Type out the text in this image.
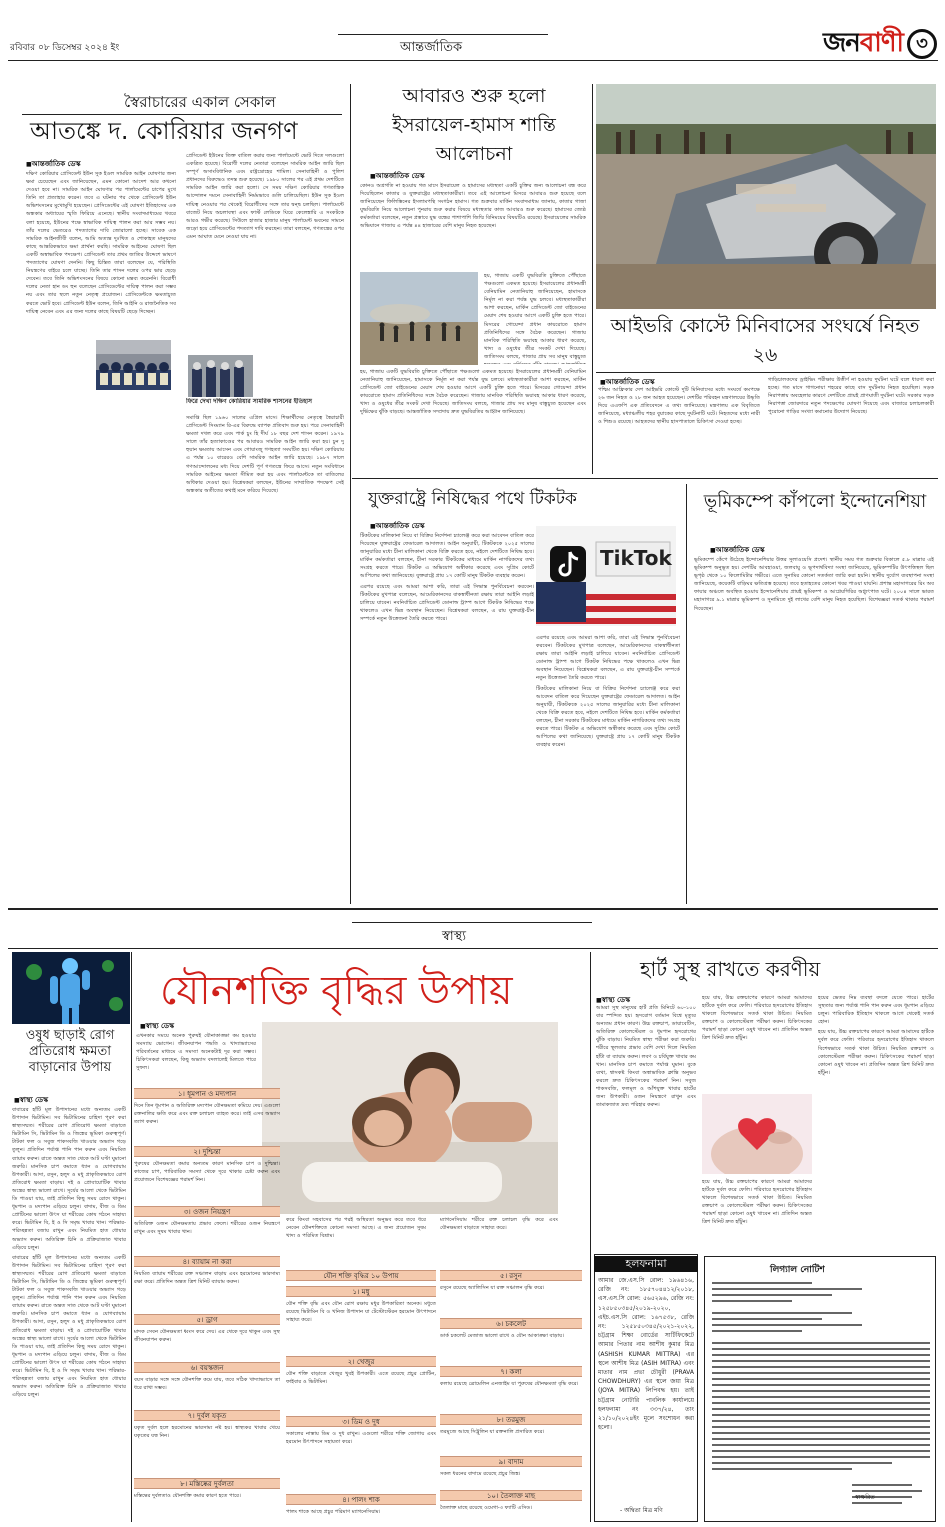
রবিবার ০৮ ডিসেম্বর ২০২৪ ইং	আন্তর্জাতিক	জন বাণী ৩
স্বৈরাচারের একাল সেকাল
আতঙ্কে দ. কোরিয়ার জনগণ
■ আন্তর্জাতিক ডেস্ক

দক্ষিণ কোরিয়ার প্রেসিডেন্ট ইউন সুক ইওল সামরিক আইন ঘোষণার জন্য ক্ষমা চেয়েছেন এবং জানিয়েছেন, এমন কোনো আদেশ আর কখনো দেওয়া হবে না। সামরিক আইন ঘোষণার পর পার্লামেন্টের চাপের মুখে তিনি তা প্রত্যাহার করেন। তবে এ ঘটনার পর থেকে প্রেসিডেন্ট ইউন অভিশংসনের মুখোমুখি হয়েছেন। প্রেসিডেন্টের এই ঘোষণা ইতিহাসের এক অন্ধকার অধ্যায়ের স্মৃতি ফিরিয়ে এনেছে। স্থানীয় সংবাদমাধ্যমের খবরে বলা হয়েছে, ইউনের পক্ষে স্বাভাবিক দায়িত্ব পালন করা আর সম্ভব নয়। তাঁর দলের ভেতরেও পদত্যাগের দাবি জোরালো হচ্ছে। সাবেক এক সামরিক আইনজীবী বলেন, আমি অত্যন্ত দুঃখিত ও শোকাহত মানুষদের কাছে আন্তরিকভাবে ক্ষমা প্রার্থনা করছি। সামরিক আইনের ঘোষণা ছিল একটি অস্বাভাবিক পদক্ষেপ। প্রেসিডেন্ট তার প্রথম জাতির উদ্দেশে ভাষণে পদত্যাগের ঘোষণা দেননি। কিছু চিন্তিত তারা বলেছেন যে, পরিস্থিতি নিয়ন্ত্রণের বাইরে চলে যাচ্ছে। তিনি তার শাসন দলের ওপর ভার ছেড়ে দেবেন। তবে তিনি অভিশংসনের বিষয়ে কোনো মন্তব্য করেননি। বিরোধী দলের নেতা হান ডং হুন বলেছেন প্রেসিডেন্টের দায়িত্ব পালন করা সম্ভব নয় এবং তার স্থলে নতুন নেতৃত্ব প্রয়োজন। প্রেসিডেন্টকে ক্ষমতাচ্যুত করতে ভোট হবে। প্রেসিডেন্ট ইউন বলেন, তিনি আইনি ও রাজনৈতিক সব দায়িত্ব নেবেন এবং এর জন্য দলের কাছে বিষয়টি ছেড়ে দিচ্ছেন।

প্রেসিডেন্ট ইউনের তিক্ত বাতিল করার জন্য পার্লামেন্টে ভোট দিতে দলগুলো একত্রিত হয়েছে। বিরোধী দলের নেতারা বলেছেন সামরিক আইন জারি ছিল সম্পূর্ণ অসাংবিধানিক এবং রাষ্ট্রদ্রোহের শামিল। সেনাবাহিনী ও পুলিশ প্রধানদের বিরুদ্ধেও তদন্ত শুরু হয়েছে। ১৯৮০ সালের পর এই প্রথম দেশটিতে সামরিক আইন জারি করা হলো। সে সময় দক্ষিণ কোরিয়ার গণতান্ত্রিক আন্দোলন দমনে সেনাবাহিনী নির্মমভাবে গুলি চালিয়েছিল। ইউন সুক ইওল দায়িত্ব নেওয়ার পর থেকেই বিরোধীদের সঙ্গে তার দ্বন্দ্ব চলছিল। পার্লামেন্টে বাজেট নিয়ে অচলাবস্থা এবং ফার্স্ট লেডিকে ঘিরে কেলেঙ্কারি এ সংকটকে আরও গভীর করেছে। সিউলে হাজার হাজার মানুষ পার্লামেন্ট ভবনের সামনে জড়ো হয়ে প্রেসিডেন্টের পদত্যাগ দাবি করছেন। তারা বলছেন, গণতন্ত্রের ওপর এমন আঘাত মেনে নেওয়া যায় না।

ফিরে দেখা দক্ষিণ কোরিয়ার সামরিক শাসনের ইতিহাস

সমাপ্তি ছিল ১৯৬০ সালের এপ্রিল মাসে। শিক্ষার্থীদের নেতৃত্বে স্বৈরাচারী প্রেসিডেন্ট সিংম্যান রি-এর বিরুদ্ধে ব্যাপক প্রতিবাদ শুরু হয়। পরে সেনাবাহিনী ক্ষমতা দখল করে এবং পার্ক চুং হি দীর্ঘ ১৮ বছর দেশ শাসন করেন। ১৯৭৯ সালে তাঁর হত্যাকাণ্ডের পর আবারও সামরিক আইন জারি করা হয়। চুন দু হুয়ান ক্ষমতায় আসেন এবং গোয়াংজু গণহত্যা সংঘটিত হয়। দক্ষিণ কোরিয়ায় এ পর্যন্ত ১০ বারেরও বেশি সামরিক আইন জারি হয়েছে। ১৯৮৭ সালে গণআন্দোলনের মধ্য দিয়ে দেশটি পূর্ণ গণতন্ত্রে ফিরে আসে। নতুন সংবিধানে সামরিক আইনের ক্ষমতা সীমিত করা হয় এবং পার্লামেন্টকে তা বাতিলের অধিকার দেওয়া হয়। বিশ্লেষকরা বলছেন, ইউনের সাম্প্রতিক পদক্ষেপ সেই অন্ধকার অতীতের কথাই মনে করিয়ে দিয়েছে।

আবারও শুরু হলো ইসরায়েল-হামাস শান্তি আলোচনা
■ আন্তর্জাতিক ডেস্ক

কোনও অগ্রগতি না হওয়ায় গত মাসে ইসরায়েল ও হামাসের মধ্যস্থতা একটি চুক্তির জন্য আলোচনা বন্ধ করে দিয়েছিলেন কাতার ও যুক্তরাষ্ট্রের মধ্যস্থতাকারীরা। তবে এই আলোচনা মিসরে আবারও শুরু হয়েছে বলে জানিয়েছেন ফিলিস্তিনের ইসলামপন্থি সংগঠন হামাস। গত শুক্রবার মার্কিন সংবাদমাধ্যম জানায়, কাতার গাজা যুদ্ধবিরতি নিয়ে আলোচনা পুনরায় শুরু করার বিষয়ে মধ্যস্থতার কাজ আবারও শুরু করেছে। হামাসের জ্যেষ্ঠ কর্মকর্তারা বলেছেন, নতুন প্রস্তাবে যুদ্ধ বন্ধের পাশাপাশি জিম্মি বিনিময়ের বিষয়টিও রয়েছে। ইসরায়েলের সামরিক অভিযানে গাজায় এ পর্যন্ত ৪৪ হাজারের বেশি মানুষ নিহত হয়েছেন।

হয়, গাজায় একটি যুদ্ধবিরতি চুক্তিতে পৌঁছাতে পক্ষগুলো একমত হয়েছে। ইসরায়েলের প্রধানমন্ত্রী বেনিয়ামিন নেতানিয়াহু জানিয়েছেন, হামাসকে নির্মূল না করা পর্যন্ত যুদ্ধ চলবে। মধ্যস্থতাকারীরা আশা করছেন, মার্কিন প্রেসিডেন্ট জো বাইডেনের মেয়াদ শেষ হওয়ার আগে একটি চুক্তি হতে পারে। মিসরের গোয়েন্দা প্রধান কায়রোতে হামাস প্রতিনিধিদের সঙ্গে বৈঠক করেছেন। গাজায় মানবিক পরিস্থিতি ভয়াবহ আকার ধারণ করেছে, খাদ্য ও ওষুধের তীব্র সংকট দেখা দিয়েছে। জাতিসংঘ বলছে, গাজার প্রায় সব মানুষ বাস্তুচ্যুত

হয়, গাজায় একটি যুদ্ধবিরতি চুক্তিতে পৌঁছাতে পক্ষগুলো একমত হয়েছে। ইসরায়েলের প্রধানমন্ত্রী বেনিয়ামিন নেতানিয়াহু জানিয়েছেন, হামাসকে নির্মূল না করা পর্যন্ত যুদ্ধ চলবে। মধ্যস্থতাকারীরা আশা করছেন, মার্কিন প্রেসিডেন্ট জো বাইডেনের মেয়াদ শেষ হওয়ার আগে একটি চুক্তি হতে পারে। মিসরের গোয়েন্দা প্রধান কায়রোতে হামাস প্রতিনিধিদের সঙ্গে বৈঠক করেছেন। গাজায় মানবিক পরিস্থিতি ভয়াবহ আকার ধারণ করেছে, খাদ্য ও ওষুধের তীব্র সংকট দেখা দিয়েছে। জাতিসংঘ বলছে, গাজার প্রায় সব মানুষ বাস্তুচ্যুত হয়েছেন এবং দুর্ভিক্ষের ঝুঁকি বাড়ছে। আন্তর্জাতিক সম্প্রদায় দ্রুত যুদ্ধবিরতির আহ্বান জানিয়েছে।

আইভরি কোস্টে মিনিবাসের সংঘর্ষে নিহত ২৬
■ আন্তর্জাতিক ডেস্ক

পশ্চিম আফ্রিকার দেশ আইভরি কোস্টে দুটি মিনিবাসের মধ্যে সংঘর্ষে কমপক্ষে ২৬ জন নিহত ও ২৮ জন আহত হয়েছেন। দেশটির পরিবহন মন্ত্রণালয়ের উদ্ধৃতি দিয়ে এএফপি এক প্রতিবেদনে এ তথ্য জানিয়েছে। মন্ত্রণালয় এক বিবৃতিতে জানিয়েছে, মধ্যাঞ্চলীয় শহর বুয়াকের কাছে দুর্ঘটনাটি ঘটে। নিহতদের মধ্যে নারী ও শিশুও রয়েছে। আহতদের স্থানীয় হাসপাতালে চিকিৎসা দেওয়া হচ্ছে।

গাড়িচালকদের ড্রাইভিং পরীক্ষায় উত্তীর্ণ না হওয়ায় দুর্ঘটনা ঘটে বলে ধারণা করা হচ্ছে। গত মাসে গাগনোয়া শহরের কাছে বাস দুর্ঘটনায় নিহত হয়েছিল। সড়ক নিরাপত্তায় অবহেলার কারণে দেশটিতে প্রায়ই প্রাণঘাতী দুর্ঘটনা ঘটে। সরকার সড়ক নিরাপত্তা জোরদারে নতুন পদক্ষেপের ঘোষণা দিয়েছে এবং বাজারে চলাচলকারী পুরোনো গাড়ির সংখ্যা কমানোর উদ্যোগ নিয়েছে।

যুক্তরাষ্ট্রে নিষিদ্ধের পথে টিকটক
■ আন্তর্জাতিক ডেস্ক

টিকটকের মালিকানা নিয়ে বা বিক্রির নির্দেশনা চ্যালেঞ্জ করে করা আবেদন বাতিল করে দিয়েছেন যুক্তরাষ্ট্রের ফেডারেল আদালত। আইন অনুযায়ী, টিকটককে ২০২৫ সালের জানুয়ারির মধ্যে চীনা মালিকানা থেকে বিক্রি করতে হবে, নইলে দেশটিতে নিষিদ্ধ হবে। মার্কিন কর্মকর্তারা বলছেন, চীনা সরকার টিকটকের মাধ্যমে মার্কিন নাগরিকদের তথ্য সংগ্রহ করতে পারে। টিকটক এ অভিযোগ অস্বীকার করেছে এবং সুপ্রিম কোর্টে আপিলের কথা জানিয়েছে। যুক্তরাষ্ট্রে প্রায় ১৭ কোটি মানুষ টিকটক ব্যবহার করেন।

এরপর রয়েছে এবং আমরা আশা করি, তারা এই সিদ্ধান্ত পুনর্বিবেচনা করবেন। টিকটকের মুখপাত্র বলেছেন, আমেরিকানদের বাকস্বাধীনতা রক্ষায় তারা আইনি লড়াই চালিয়ে যাবেন। নবনির্বাচিত প্রেসিডেন্ট ডোনাল্ড ট্রাম্প আগে টিকটক নিষিদ্ধের পক্ষে থাকলেও এখন ভিন্ন অবস্থান নিয়েছেন। বিশ্লেষকরা বলছেন, এ রায় যুক্তরাষ্ট্র-চীন সম্পর্কে নতুন উত্তেজনা তৈরি করতে পারে।

TikTok

এরপর রয়েছে এবং আমরা আশা করি, তারা এই সিদ্ধান্ত পুনর্বিবেচনা করবেন। টিকটকের মুখপাত্র বলেছেন, আমেরিকানদের বাকস্বাধীনতা রক্ষায় তারা আইনি লড়াই চালিয়ে যাবেন। নবনির্বাচিত প্রেসিডেন্ট ডোনাল্ড ট্রাম্প আগে টিকটক নিষিদ্ধের পক্ষে থাকলেও এখন ভিন্ন অবস্থান নিয়েছেন। বিশ্লেষকরা বলছেন, এ রায় যুক্তরাষ্ট্র-চীন সম্পর্কে নতুন উত্তেজনা তৈরি করতে পারে।

টিকটকের মালিকানা নিয়ে বা বিক্রির নির্দেশনা চ্যালেঞ্জ করে করা আবেদন বাতিল করে দিয়েছেন যুক্তরাষ্ট্রের ফেডারেল আদালত। আইন অনুযায়ী, টিকটককে ২০২৫ সালের জানুয়ারির মধ্যে চীনা মালিকানা থেকে বিক্রি করতে হবে, নইলে দেশটিতে নিষিদ্ধ হবে। মার্কিন কর্মকর্তারা বলছেন, চীনা সরকার টিকটকের মাধ্যমে মার্কিন নাগরিকদের তথ্য সংগ্রহ করতে পারে। টিকটক এ অভিযোগ অস্বীকার করেছে এবং সুপ্রিম কোর্টে আপিলের কথা জানিয়েছে। যুক্তরাষ্ট্রে প্রায় ১৭ কোটি মানুষ টিকটক ব্যবহার করেন।

ভূমিকম্পে কাঁপলো ইন্দোনেশিয়া
■ আন্তর্জাতিক ডেস্ক

ভূমিকম্পে কেঁপে উঠেছে ইন্দোনেশিয়ার উত্তর সুলাওয়েসি প্রদেশ। স্থানীয় সময় গত শুক্রবার বিকালে ৫.৮ মাত্রার এই ভূমিকম্প অনুভূত হয়। দেশটির আবহাওয়া, জলবায়ু ও ভূপদার্থবিদ্যা সংস্থা জানিয়েছে, ভূমিকম্পটির উৎপত্তিস্থল ছিল ভূপৃষ্ঠ থেকে ১০ কিলোমিটার গভীরে। এতে সুনামির কোনো সতর্কতা জারি করা হয়নি। স্থানীয় দুর্যোগ ব্যবস্থাপনা সংস্থা জানিয়েছে, কয়েকটি বাড়িঘর ক্ষতিগ্রস্ত হয়েছে। তবে হতাহতের কোনো খবর পাওয়া যায়নি। প্রশান্ত মহাসাগরের রিং অব ফায়ার অঞ্চলে অবস্থিত হওয়ায় ইন্দোনেশিয়ায় প্রায়ই ভূমিকম্প ও আগ্নেয়গিরির অগ্ন্যুৎপাত ঘটে। ২০০৪ সালে ভারত মহাসাগরে ৯.১ মাত্রার ভূমিকম্প ও সুনামিতে দুই লাখের বেশি মানুষ নিহত হয়েছিল। বিশেষজ্ঞরা সতর্ক থাকার পরামর্শ দিয়েছেন।

স্বাস্থ্য
ওষুধ ছাড়াই রোগ প্রতিরোধ ক্ষমতা বাড়ানোর উপায়
■ স্বাস্থ্য ডেস্ক

বাবারের হাঁটি মূল উপাদানের মধ্যে অন্যতম একটি উপাদান ভিটামিন। সব ভিটামিনের চাহিদা পূরণ করা স্বাস্থ্যসম্মত। শরীরের রোগ প্রতিরোধ ক্ষমতা বাড়াতে ভিটামিন সি, ভিটামিন ডি ও জিঙ্কের ভূমিকা গুরুত্বপূর্ণ। টাটকা ফল ও সবুজ শাকসবজি খাওয়ার অভ্যাস গড়ে তুলুন। প্রতিদিন পর্যাপ্ত পানি পান করুন এবং নিয়মিত ব্যায়াম করুন। রাতে অন্তত সাত থেকে আট ঘণ্টা ঘুমানো জরুরি। মানসিক চাপ কমাতে ধ্যান ও যোগব্যায়াম উপকারী। আদা, রসুন, হলুদ ও মধু প্রাকৃতিকভাবে রোগ প্রতিরোধ ক্ষমতা বাড়ায়। দই ও প্রোবায়োটিক খাবার অন্ত্রের স্বাস্থ্য ভালো রাখে। সূর্যের আলো থেকে ভিটামিন ডি পাওয়া যায়, তাই প্রতিদিন কিছু সময় রোদে থাকুন। ধূমপান ও মদ্যপান এড়িয়ে চলুন। বাদাম, বীজ ও ডিম প্রোটিনের ভালো উৎস যা শরীরের কোষ গঠনে সাহায্য করে। ভিটামিন বি, ই ও সি সমৃদ্ধ খাবার খান। পরিষ্কার-পরিচ্ছন্নতা বজায় রাখুন এবং নিয়মিত হাত ধোয়ার অভ্যাস করুন। অতিরিক্ত চিনি ও প্রক্রিয়াজাত খাবার এড়িয়ে চলুন।

বাবারের হাঁটি মূল উপাদানের মধ্যে অন্যতম একটি উপাদান ভিটামিন। সব ভিটামিনের চাহিদা পূরণ করা স্বাস্থ্যসম্মত। শরীরের রোগ প্রতিরোধ ক্ষমতা বাড়াতে ভিটামিন সি, ভিটামিন ডি ও জিঙ্কের ভূমিকা গুরুত্বপূর্ণ। টাটকা ফল ও সবুজ শাকসবজি খাওয়ার অভ্যাস গড়ে তুলুন। প্রতিদিন পর্যাপ্ত পানি পান করুন এবং নিয়মিত ব্যায়াম করুন। রাতে অন্তত সাত থেকে আট ঘণ্টা ঘুমানো জরুরি। মানসিক চাপ কমাতে ধ্যান ও যোগব্যায়াম উপকারী। আদা, রসুন, হলুদ ও মধু প্রাকৃতিকভাবে রোগ প্রতিরোধ ক্ষমতা বাড়ায়। দই ও প্রোবায়োটিক খাবার অন্ত্রের স্বাস্থ্য ভালো রাখে। সূর্যের আলো থেকে ভিটামিন ডি পাওয়া যায়, তাই প্রতিদিন কিছু সময় রোদে থাকুন। ধূমপান ও মদ্যপান এড়িয়ে চলুন। বাদাম, বীজ ও ডিম প্রোটিনের ভালো উৎস যা শরীরের কোষ গঠনে সাহায্য করে। ভিটামিন বি, ই ও সি সমৃদ্ধ খাবার খান। পরিষ্কার-পরিচ্ছন্নতা বজায় রাখুন এবং নিয়মিত হাত ধোয়ার অভ্যাস করুন। অতিরিক্ত চিনি ও প্রক্রিয়াজাত খাবার এড়িয়ে চলুন।

যৌনশক্তি বৃদ্ধির উপায়
■ স্বাস্থ্য ডেস্ক

এখনকার সময়ে অনেক পুরুষই যৌনাকাঙ্ক্ষা কম হওয়ার সমস্যায় ভোগেন। জীবনযাপন পদ্ধতি ও খাদ্যাভ্যাসের পরিবর্তনের মাধ্যমে এ সমস্যা অনেকটাই দূর করা সম্ভব। চিকিৎসকরা বলছেন, কিছু অভ্যাস বদলালেই মিলতে পারে সুফল।

করে কিংবা সহবাসের পর পরই অস্থিরতা অনুভব করে তবে ধরে নেবেন যৌনশক্তিতে কোনো সমস্যা আছে। এ জন্য প্রয়োজন সুষম খাদ্য ও পরিমিত বিশ্রাম।

ম্যাগনেসিয়াম শরীরে রক্ত চলাচল বৃদ্ধি করে এবং যৌনক্ষমতা বাড়াতে সাহায্য করে।

১। ধূমপান ও মদ্যপান
দিনে তিন ধূমপান ও অতিরিক্ত মদ্যপান যৌনক্ষমতা কমিয়ে দেয়। এগুলো রক্তনালির ক্ষতি করে এবং রক্ত চলাচল ব্যাহত করে। তাই এসব অভ্যাস ত্যাগ করুন।
২। দুশ্চিন্তা
পুরুষের যৌনক্ষমতা কমার অন্যতম কারণ মানসিক চাপ ও দুশ্চিন্তা। কাজের চাপ, পারিবারিক সমস্যা থেকে দূরে থাকার চেষ্টা করুন এবং প্রয়োজনে বিশেষজ্ঞের পরামর্শ নিন।
৩। ওজন নিয়ন্ত্রণ
অতিরিক্ত ওজন যৌনক্ষমতায় প্রভাব ফেলে। শরীরের ওজন নিয়ন্ত্রণে রাখুন এবং সুষম খাবার খান।
৪। ব্যায়াম না করা
নিয়মিত ব্যায়াম শরীরের রক্ত সঞ্চালন বাড়ায় এবং হরমোনের ভারসাম্য রক্ষা করে। প্রতিদিন অন্তত ত্রিশ মিনিট ব্যায়াম করুন।
৫। ড্রাগ
মাদক সেবন যৌনক্ষমতা ধ্বংস করে দেয়। এর থেকে দূরে থাকুন এবং সুস্থ জীবনযাপন করুন।
৬। বয়স্কজন
বয়স বাড়ার সঙ্গে সঙ্গে যৌনশক্তি কমে যায়, তবে সঠিক খাদ্যাভ্যাসে তা ধরে রাখা সম্ভব।
৭। দুর্বল যকৃত
যকৃত দুর্বল হলে হরমোনের ভারসাম্য নষ্ট হয়। স্বাস্থ্যকর খাবার খেয়ে যকৃতের যত্ন নিন।
৮। মস্তিষ্কের দুর্বলতা
মস্তিষ্কের দুর্বলতাও যৌনশক্তি কমার কারণ হতে পারে।
যৌন শক্তি বৃদ্ধির ১০ উপায়
১। মধু
যৌন শক্তি বৃদ্ধি এবং যৌন রোগ রক্ষায় মধুর উপকারিতা অনেক। মধুতে রয়েছে ভিটামিন বি ও খনিজ উপাদান যা টেস্টোস্টেরন হরমোন উৎপাদনে সাহায্য করে।
২। খেজুর
যৌন শক্তি বাড়াতে খেজুর খুবই উপকারী। এতে রয়েছে প্রচুর প্রোটিন, ফাইবার ও ভিটামিন।
৩। ডিম ও দুধ
সকালের নাস্তায় ডিম ও দুধ রাখুন। এগুলো শরীরে শক্তি জোগায় এবং হরমোন উৎপাদনে সহায়তা করে।
৪। পালং শাক
পালং শাকে আছে প্রচুর পরিমাণ ম্যাগনেসিয়াম।
৫। রসুন
রসুনে রয়েছে অ্যালিসিন যা রক্ত সঞ্চালন বৃদ্ধি করে।
৬। চকলেট
ডার্ক চকলেট মেজাজ ভালো রাখে ও যৌন আকাঙ্ক্ষা বাড়ায়।
৭। কলা
কলায় রয়েছে ব্রোমেলিন এনজাইম যা পুরুষের যৌনক্ষমতা বৃদ্ধি করে।
৮। তরমুজ
তরমুজে আছে সিট্রুলিন যা রক্তনালি প্রসারিত করে।
৯। বাদাম
সকল ধরনের বাদামে রয়েছে প্রচুর জিঙ্ক।
১০। তৈলাক্ত মাছ
তৈলাক্ত মাছে রয়েছে ওমেগা-৩ ফ্যাটি এসিড।
হার্ট সুস্থ রাখতে করণীয়
■ স্বাস্থ্য ডেস্ক

আমরা সুস্থ মানুষের হার্ট প্রতি মিনিটে ৬০-১০০ বার স্পন্দিত হয়। হৃদরোগ বর্তমান বিশ্বে মৃত্যুর অন্যতম প্রধান কারণ। উচ্চ রক্তচাপ, ডায়াবেটিস, অতিরিক্ত কোলেস্টেরল ও ধূমপান হৃদরোগের ঝুঁকি বাড়ায়। নিয়মিত স্বাস্থ্য পরীক্ষা করা জরুরি। শরীরে স্থূলতার প্রভাব বেশি দেখা দিলে নিয়মিত হাঁটা বা ব্যায়াম করুন। লবণ ও চর্বিযুক্ত খাবার কম খান। মানসিক চাপ কমাতে পর্যাপ্ত ঘুমান। বুকে ব্যথা, শ্বাসকষ্ট কিংবা অস্বাভাবিক ক্লান্তি অনুভব করলে দ্রুত চিকিৎসকের পরামর্শ নিন। সবুজ শাকসবজি, ফলমূল ও আঁশযুক্ত খাবার হার্টের জন্য উপকারী। ওজন নিয়ন্ত্রণে রাখুন এবং তামাকজাত দ্রব্য পরিহার করুন।

হয়ে যায়, উচ্চ রক্তচাপের কারণে আমরা আমাদের হার্টকে দুর্বল করে ফেলি। পরিবারে হৃদরোগের ইতিহাস থাকলে বিশেষভাবে সতর্ক থাকা উচিত। নিয়মিত রক্তচাপ ও কোলেস্টেরল পরীক্ষা করুন। চিকিৎসকের পরামর্শ ছাড়া কোনো ওষুধ খাবেন না। প্রতিদিন অন্তত ত্রিশ মিনিট দ্রুত হাঁটুন।

হয়ের ভেতর নিম্ন ব্যবস্থা বদলে যেতে পারে। হার্টের সুস্থতার জন্য পর্যাপ্ত পানি পান করুন এবং ধূমপান এড়িয়ে চলুন। পারিবারিক ইতিহাস থাকলে আগে থেকেই সতর্ক হোন।

হয়ে যায়, উচ্চ রক্তচাপের কারণে আমরা আমাদের হার্টকে দুর্বল করে ফেলি। পরিবারে হৃদরোগের ইতিহাস থাকলে বিশেষভাবে সতর্ক থাকা উচিত। নিয়মিত রক্তচাপ ও কোলেস্টেরল পরীক্ষা করুন। চিকিৎসকের পরামর্শ ছাড়া কোনো ওষুধ খাবেন না। প্রতিদিন অন্তত ত্রিশ মিনিট দ্রুত হাঁটুন।

হয়ে যায়, উচ্চ রক্তচাপের কারণে আমরা আমাদের হার্টকে দুর্বল করে ফেলি। পরিবারে হৃদরোগের ইতিহাস থাকলে বিশেষভাবে সতর্ক থাকা উচিত। নিয়মিত রক্তচাপ ও কোলেস্টেরল পরীক্ষা করুন। চিকিৎসকের পরামর্শ ছাড়া কোনো ওষুধ খাবেন না। প্রতিদিন অন্তত ত্রিশ মিনিট দ্রুত হাঁটুন।

হলফনামা
আমার জে.এস.সি রোল: ১৯৬৪১৬, রেজি নং: ১৮৫৭০৪৪১২/২০১৮, এস.এস.সি রোল: ৫৬৫২৯৬, রেজি নং: ১২৫৮৫০৩৪৫/২০১৯-২০২০, এইচ.এস.সি রোল: ১৬৭৫৩৮, রেজি নং: ১২৫৮৫০৩৪৫/২০২১-২০২২, চট্টগ্রাম শিক্ষা বোর্ডের সার্টিফিকেটে আমার পিতার নাম আশীষ কুমার মিত্র (ASHISH KUMAR MITTRA) এর স্থলে আশীষ মিত্র (ASIH MITRA) এবং মাতার নাম প্রভা চৌধুরী (PRAVA CHOWDHURY) এর স্থলে জয়া মিত্র (JOYA MITRA) লিপিবদ্ধ হয়। তাই চট্টগ্রাম নোটারি পাবলিক কার্যালয়ে হলফনামা নং ৩৩৭/২৪, তাং ২১/১০/২০২৪ইং মূলে সংশোধন করা হলো।
- অদ্বিতা মিত্র মণি
লিগ্যাল নোটিশ
স্বাক্ষরিত
